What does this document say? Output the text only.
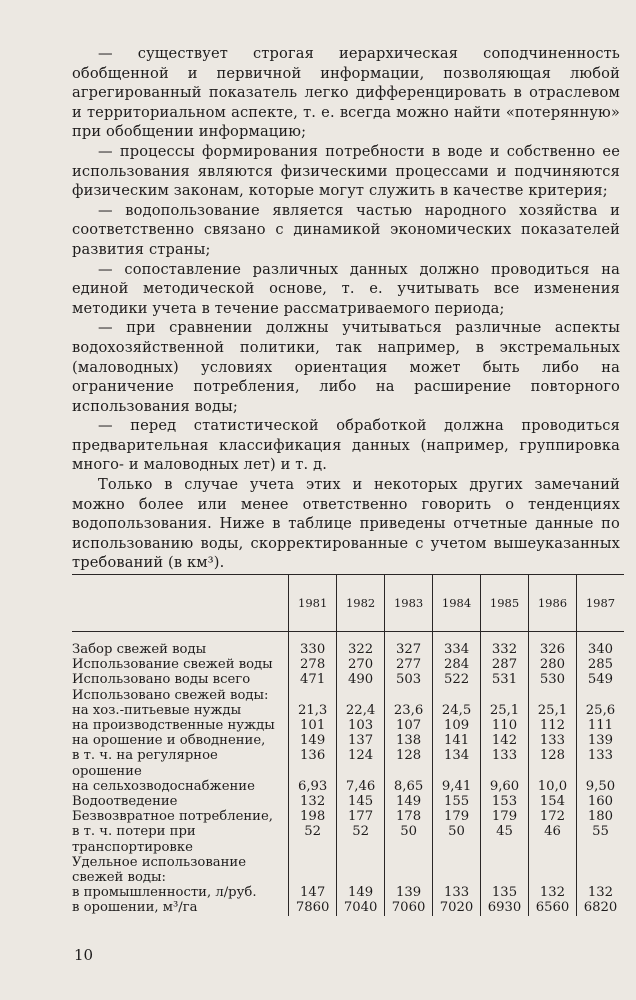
— существует строгая иерархическая соподчиненность обобщенной и первичной информации, позволяющая любой агрегированный показатель легко дифференцировать в отраслевом и территориальном аспекте, т. е. всегда можно найти «потерянную» при обобщении информацию;

— процессы формирования потребности в воде и собственно ее использования являются физическими процессами и подчиняются физическим законам, которые могут служить в качестве критерия;

— водопользование является частью народного хозяйства и соответственно связано с динамикой экономических показателей развития страны;

— сопоставление различных данных должно проводиться на единой методической основе, т. е. учитывать все изменения методики учета в течение рассматриваемого периода;

— при сравнении должны учитываться различные аспекты водохозяйственной политики, так например, в экстремальных (маловодных) условиях ориентация может быть либо на ограничение потребления, либо на расширение повторного использования воды;

— перед статистической обработкой должна проводиться предварительная классификация данных (например, группировка много- и маловодных лет) и т. д.

Только в случае учета этих и некоторых других замечаний можно более или менее ответственно говорить о тенденциях водопользования. Ниже в таблице приведены отчетные данные по использованию воды, скорректированные с учетом вышеуказанных требований (в км³).

	1981	1982	1983	1984	1985	1986	1987
Забор свежей воды	330	322	327	334	332	326	340
Использование свежей воды	278	270	277	284	287	280	285
Использовано воды всего	471	490	503	522	531	530	549
Использовано свежей воды:							
на хоз.-питьевые нужды	21,3	22,4	23,6	24,5	25,1	25,1	25,6
на производственные нужды	101	103	107	109	110	112	111
на орошение и обводнение,	149	137	138	141	142	133	139
в т. ч. на регулярное орошение	136	124	128	134	133	128	133
на сельхозводоснабжение	6,93	7,46	8,65	9,41	9,60	10,0	9,50
Водоотведение	132	145	149	155	153	154	160
Безвозвратное потребление,	198	177	178	179	179	172	180
в т. ч. потери при транспортировке	52	52	50	50	45	46	55
Удельное использование свежей воды:							
в промышленности, л/руб.	147	149	139	133	135	132	132
в орошении, м³/га	7860	7040	7060	7020	6930	6560	6820
10
